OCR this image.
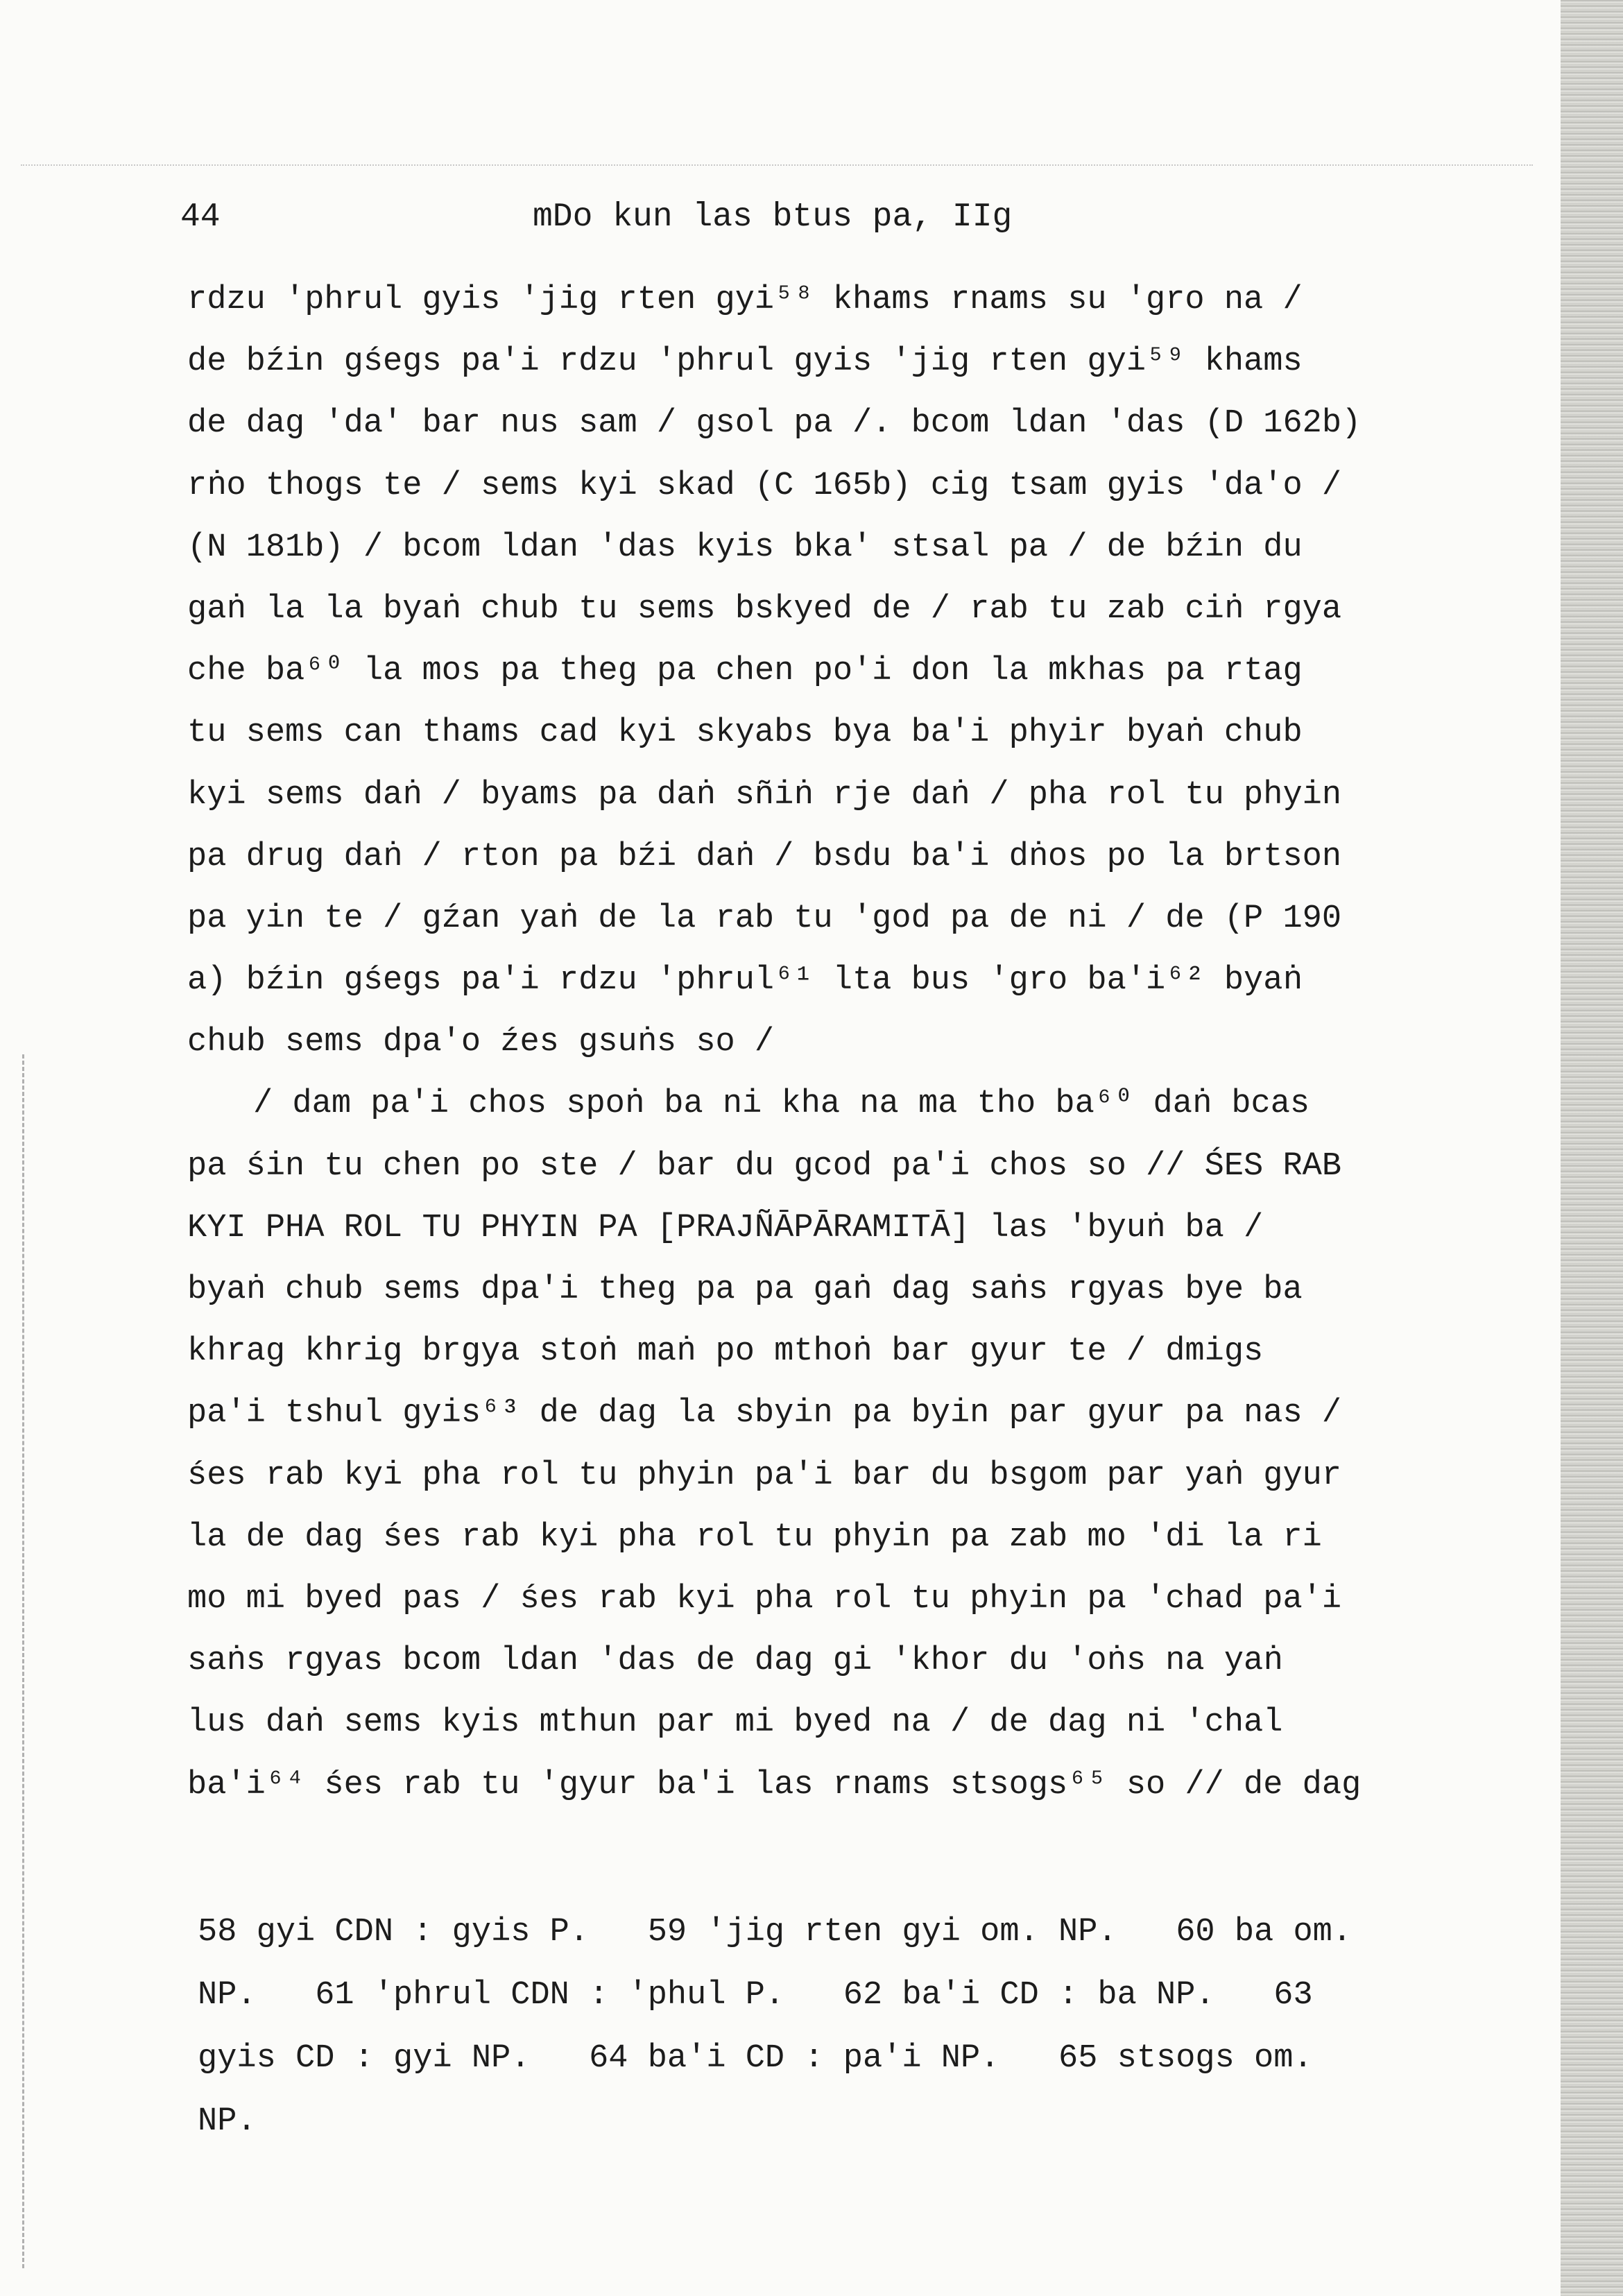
44	mDo kun las btus pa, IIg
rdzu 'phrul gyis 'jig rten gyi⁵⁸ khams rnams su 'gro na /
de bźin gśegs pa'i rdzu 'phrul gyis 'jig rten gyi⁵⁹ khams
de dag 'da' bar nus sam / gsol pa /. bcom ldan 'das (D 162b)
rṅo thogs te / sems kyi skad (C 165b) cig tsam gyis 'da'o /
(N 181b) / bcom ldan 'das kyis bka' stsal pa / de bźin du
gaṅ la la byaṅ chub tu sems bskyed de / rab tu zab ciṅ rgya
che ba⁶⁰ la mos pa theg pa chen po'i don la mkhas pa rtag
tu sems can thams cad kyi skyabs bya ba'i phyir byaṅ chub
kyi sems daṅ / byams pa daṅ sñiṅ rje daṅ / pha rol tu phyin
pa drug daṅ / rton pa bźi daṅ / bsdu ba'i dṅos po la brtson
pa yin te / gźan yaṅ de la rab tu 'god pa de ni / de (P 190
a) bźin gśegs pa'i rdzu 'phrul⁶¹ lta bus 'gro ba'i⁶² byaṅ
chub sems dpa'o źes gsuṅs so /
/ dam pa'i chos spoṅ ba ni kha na ma tho ba⁶⁰ daṅ bcas
pa śin tu chen po ste / bar du gcod pa'i chos so // ŚES RAB
KYI PHA ROL TU PHYIN PA [PRAJÑĀPĀRAMITĀ] las 'byuṅ ba /
byaṅ chub sems dpa'i theg pa pa gaṅ dag saṅs rgyas bye ba
khrag khrig brgya stoṅ maṅ po mthoṅ bar gyur te / dmigs
pa'i tshul gyis⁶³ de dag la sbyin pa byin par gyur pa nas /
śes rab kyi pha rol tu phyin pa'i bar du bsgom par yaṅ gyur
la de dag śes rab kyi pha rol tu phyin pa zab mo 'di la ri
mo mi byed pas / śes rab kyi pha rol tu phyin pa 'chad pa'i
saṅs rgyas bcom ldan 'das de dag gi 'khor du 'oṅs na yaṅ
lus daṅ sems kyis mthun par mi byed na / de dag ni 'chal
ba'i⁶⁴ śes rab tu 'gyur ba'i las rnams stsogs⁶⁵ so // de dag
58 gyi CDN : gyis P.   59 'jig rten gyi om. NP.   60 ba om.
NP.   61 'phrul CDN : 'phul P.   62 ba'i CD : ba NP.   63
gyis CD : gyi NP.   64 ba'i CD : pa'i NP.   65 stsogs om.
NP.
